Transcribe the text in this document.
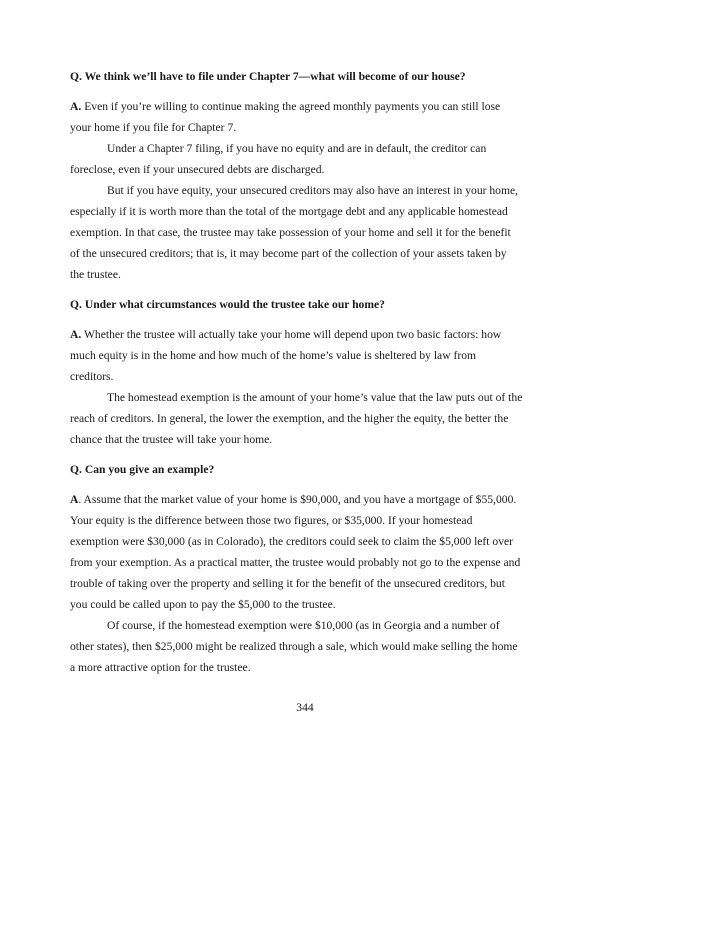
Q. We think we’ll have to file under Chapter 7—what will become of our house?
A. Even if you’re willing to continue making the agreed monthly payments you can still lose
your home if you file for Chapter 7.
Under a Chapter 7 filing, if you have no equity and are in default, the creditor can
foreclose, even if your unsecured debts are discharged.
But if you have equity, your unsecured creditors may also have an interest in your home,
especially if it is worth more than the total of the mortgage debt and any applicable homestead
exemption. In that case, the trustee may take possession of your home and sell it for the benefit
of the unsecured creditors; that is, it may become part of the collection of your assets taken by
the trustee.
Q. Under what circumstances would the trustee take our home?
A. Whether the trustee will actually take your home will depend upon two basic factors: how
much equity is in the home and how much of the home’s value is sheltered by law from
creditors.
The homestead exemption is the amount of your home’s value that the law puts out of the
reach of creditors. In general, the lower the exemption, and the higher the equity, the better the
chance that the trustee will take your home.
Q. Can you give an example?
A. Assume that the market value of your home is $90,000, and you have a mortgage of $55,000.
Your equity is the difference between those two figures, or $35,000. If your homestead
exemption were $30,000 (as in Colorado), the creditors could seek to claim the $5,000 left over
from your exemption. As a practical matter, the trustee would probably not go to the expense and
trouble of taking over the property and selling it for the benefit of the unsecured creditors, but
you could be called upon to pay the $5,000 to the trustee.
Of course, if the homestead exemption were $10,000 (as in Georgia and a number of
other states), then $25,000 might be realized through a sale, which would make selling the home
a more attractive option for the trustee.
344
